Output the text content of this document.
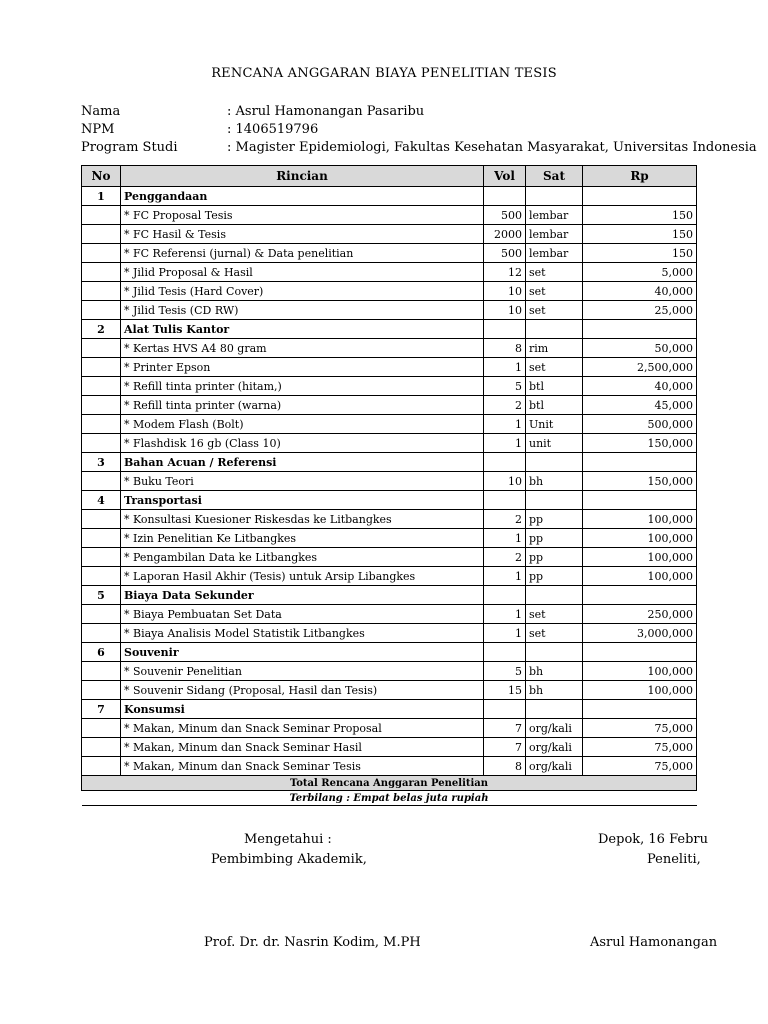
RENCANA ANGGARAN BIAYA PENELITIAN TESIS
Nama	: Asrul Hamonangan Pasaribu
NPM	: 1406519796
Program Studi	: Magister Epidemiologi, Fakultas Kesehatan Masyarakat, Universitas Indonesia
No	Rincian	Vol	Sat	Rp
1	Penggandaan			
	* FC Proposal Tesis	500	lembar	150
	* FC Hasil & Tesis	2000	lembar	150
	* FC Referensi (jurnal) & Data penelitian	500	lembar	150
	* Jilid Proposal & Hasil	12	set	5,000
	* Jilid Tesis (Hard Cover)	10	set	40,000
	* Jilid Tesis (CD RW)	10	set	25,000
2	Alat Tulis Kantor			
	* Kertas HVS A4 80 gram	8	rim	50,000
	* Printer Epson	1	set	2,500,000
	* Refill tinta printer (hitam,)	5	btl	40,000
	* Refill tinta printer (warna)	2	btl	45,000
	* Modem Flash (Bolt)	1	Unit	500,000
	* Flashdisk 16 gb (Class 10)	1	unit	150,000
3	Bahan Acuan / Referensi			
	* Buku Teori	10	bh	150,000
4	Transportasi			
	* Konsultasi Kuesioner Riskesdas ke Litbangkes	2	pp	100,000
	* Izin Penelitian Ke Litbangkes	1	pp	100,000
	* Pengambilan Data ke Litbangkes	2	pp	100,000
	* Laporan Hasil Akhir (Tesis) untuk Arsip Libangkes	1	pp	100,000
5	Biaya Data Sekunder			
	* Biaya Pembuatan Set Data	1	set	250,000
	* Biaya Analisis Model Statistik Litbangkes	1	set	3,000,000
6	Souvenir			
	* Souvenir Penelitian	5	bh	100,000
	* Souvenir Sidang (Proposal, Hasil dan Tesis)	15	bh	100,000
7	Konsumsi			
	* Makan, Minum dan Snack Seminar Proposal	7	org/kali	75,000
	* Makan, Minum dan Snack Seminar Hasil	7	org/kali	75,000
	* Makan, Minum dan Snack Seminar Tesis	8	org/kali	75,000
Total Rencana Anggaran Penelitian				
Terbilang : Empat belas juta rupiah				
Mengetahui :
Pembimbing Akademik,
Prof. Dr. dr. Nasrin Kodim, M.PH
Depok, 16 Febru
Peneliti,
Asrul Hamonangan
